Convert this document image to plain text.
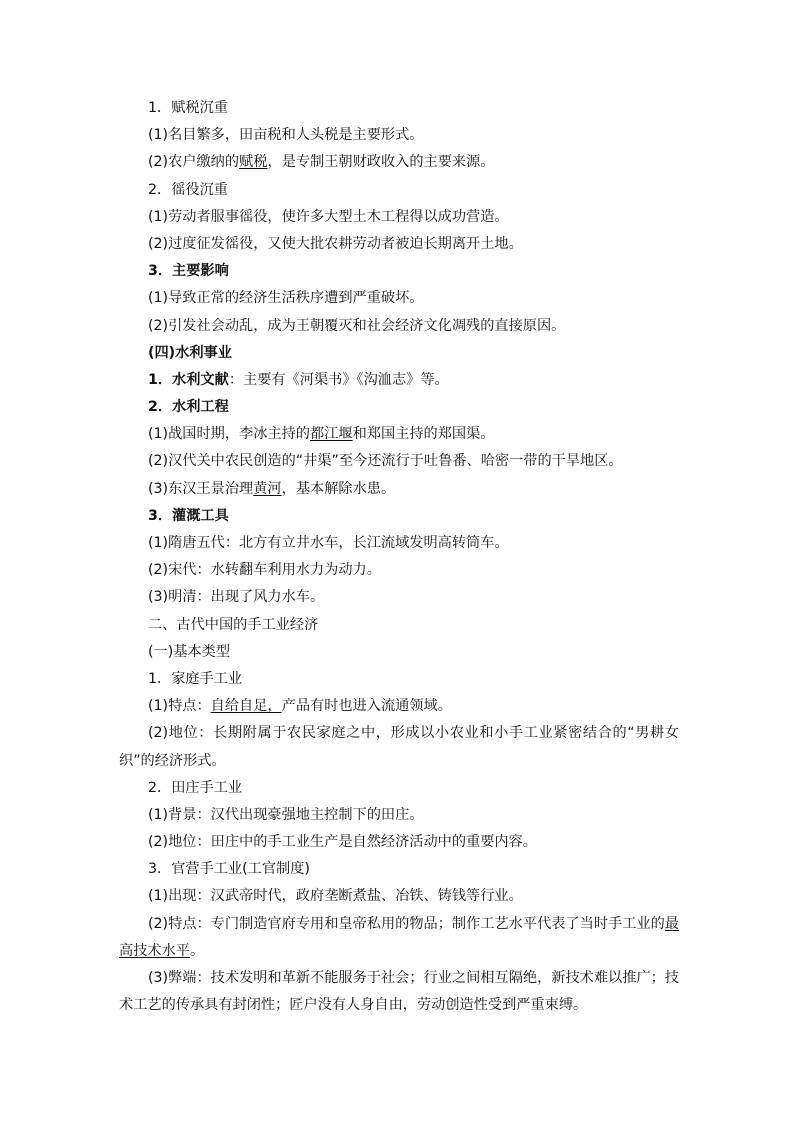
1．赋税沉重
(1)名目繁多，田亩税和人头税是主要形式。
(2)农户缴纳的赋税，是专制王朝财政收入的主要来源。
2．徭役沉重
(1)劳动者服事徭役，使许多大型土木工程得以成功营造。
(2)过度征发徭役，又使大批农耕劳动者被迫长期离开土地。
3．主要影响
(1)导致正常的经济生活秩序遭到严重破坏。
(2)引发社会动乱，成为王朝覆灭和社会经济文化凋残的直接原因。
(四)水利事业
1．水利文献：主要有《河渠书》《沟洫志》等。
2．水利工程
(1)战国时期，李冰主持的都江堰和郑国主持的郑国渠。
(2)汉代关中农民创造的“井渠”至今还流行于吐鲁番、哈密一带的干旱地区。
(3)东汉王景治理黄河，基本解除水患。
3．灌溉工具
(1)隋唐五代：北方有立井水车，长江流域发明高转筒车。
(2)宋代：水转翻车利用水力为动力。
(3)明清：出现了风力水车。
二、古代中国的手工业经济
(一)基本类型
1．家庭手工业
(1)特点：自给自足，产品有时也进入流通领域。
(2)地位：长期附属于农民家庭之中，形成以小农业和小手工业紧密结合的“男耕女织”的经济形式。
2．田庄手工业
(1)背景：汉代出现豪强地主控制下的田庄。
(2)地位：田庄中的手工业生产是自然经济活动中的重要内容。
3．官营手工业(工官制度)
(1)出现：汉武帝时代，政府垄断煮盐、冶铁、铸钱等行业。
(2)特点：专门制造官府专用和皇帝私用的物品；制作工艺水平代表了当时手工业的最高技术水平。
(3)弊端：技术发明和革新不能服务于社会；行业之间相互隔绝，新技术难以推广；技术工艺的传承具有封闭性；匠户没有人身自由，劳动创造性受到严重束缚。
